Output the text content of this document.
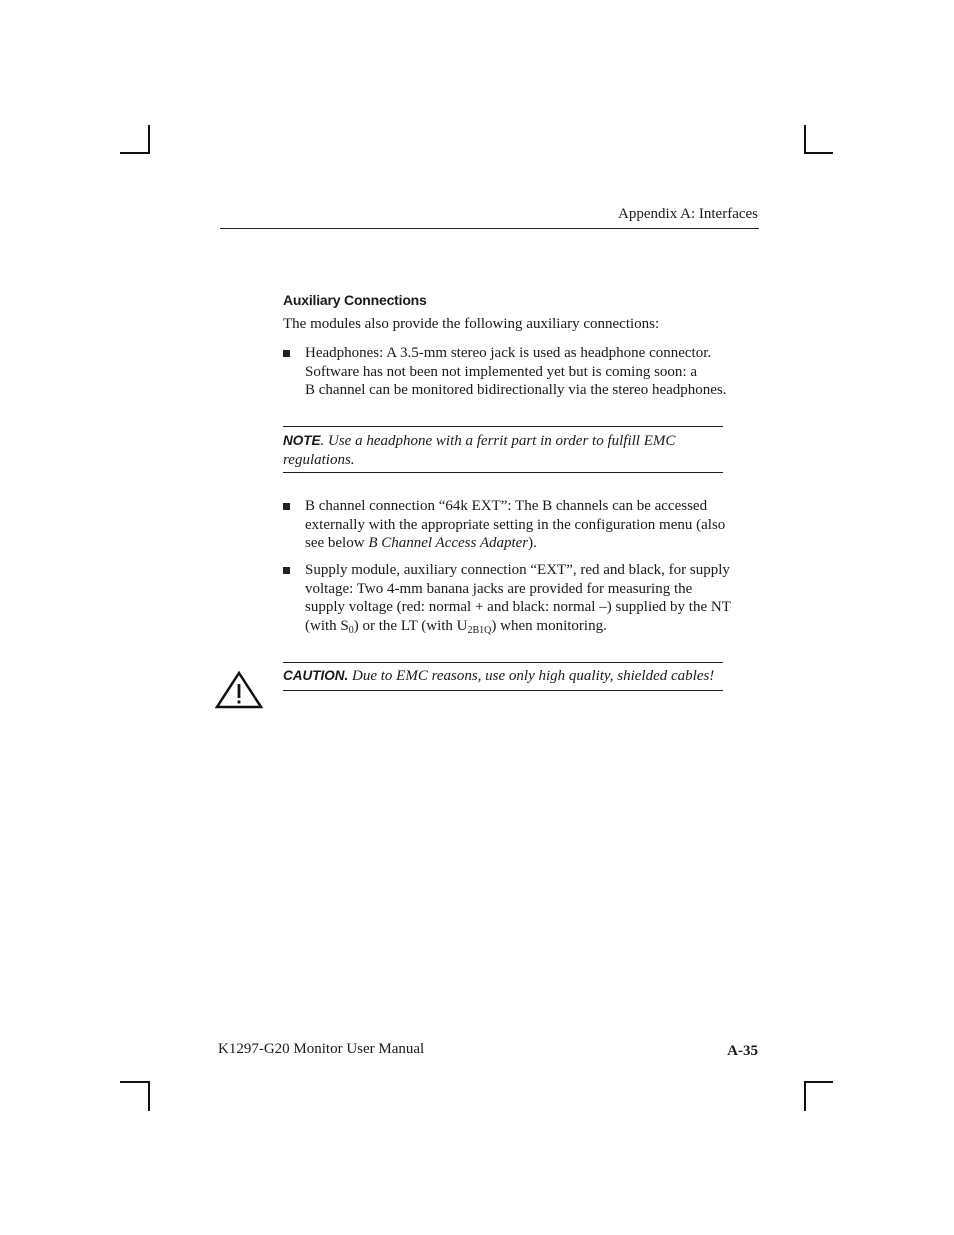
Appendix A: Interfaces
Auxiliary Connections
The modules also provide the following auxiliary connections:
Headphones: A 3.5-mm stereo jack is used as headphone connector.
Software has not been not implemented yet but is coming soon: a
B channel can be monitored bidirectionally via the stereo headphones.
NOTE. Use a headphone with a ferrit part in order to fulfill EMC
regulations.
B channel connection “64k EXT”: The B channels can be accessed
externally with the appropriate setting in the configuration menu (also
see below B Channel Access Adapter).
Supply module, auxiliary connection “EXT”, red and black, for supply
voltage: Two 4-mm banana jacks are provided for measuring the
supply voltage (red: normal + and black: normal –) supplied by the NT
(with $S_0$) or the LT (with $U_{2B1Q}$) when monitoring.
CAUTION. Due to EMC reasons, use only high quality, shielded cables!
K1297-G20 Monitor User Manual	A-35
